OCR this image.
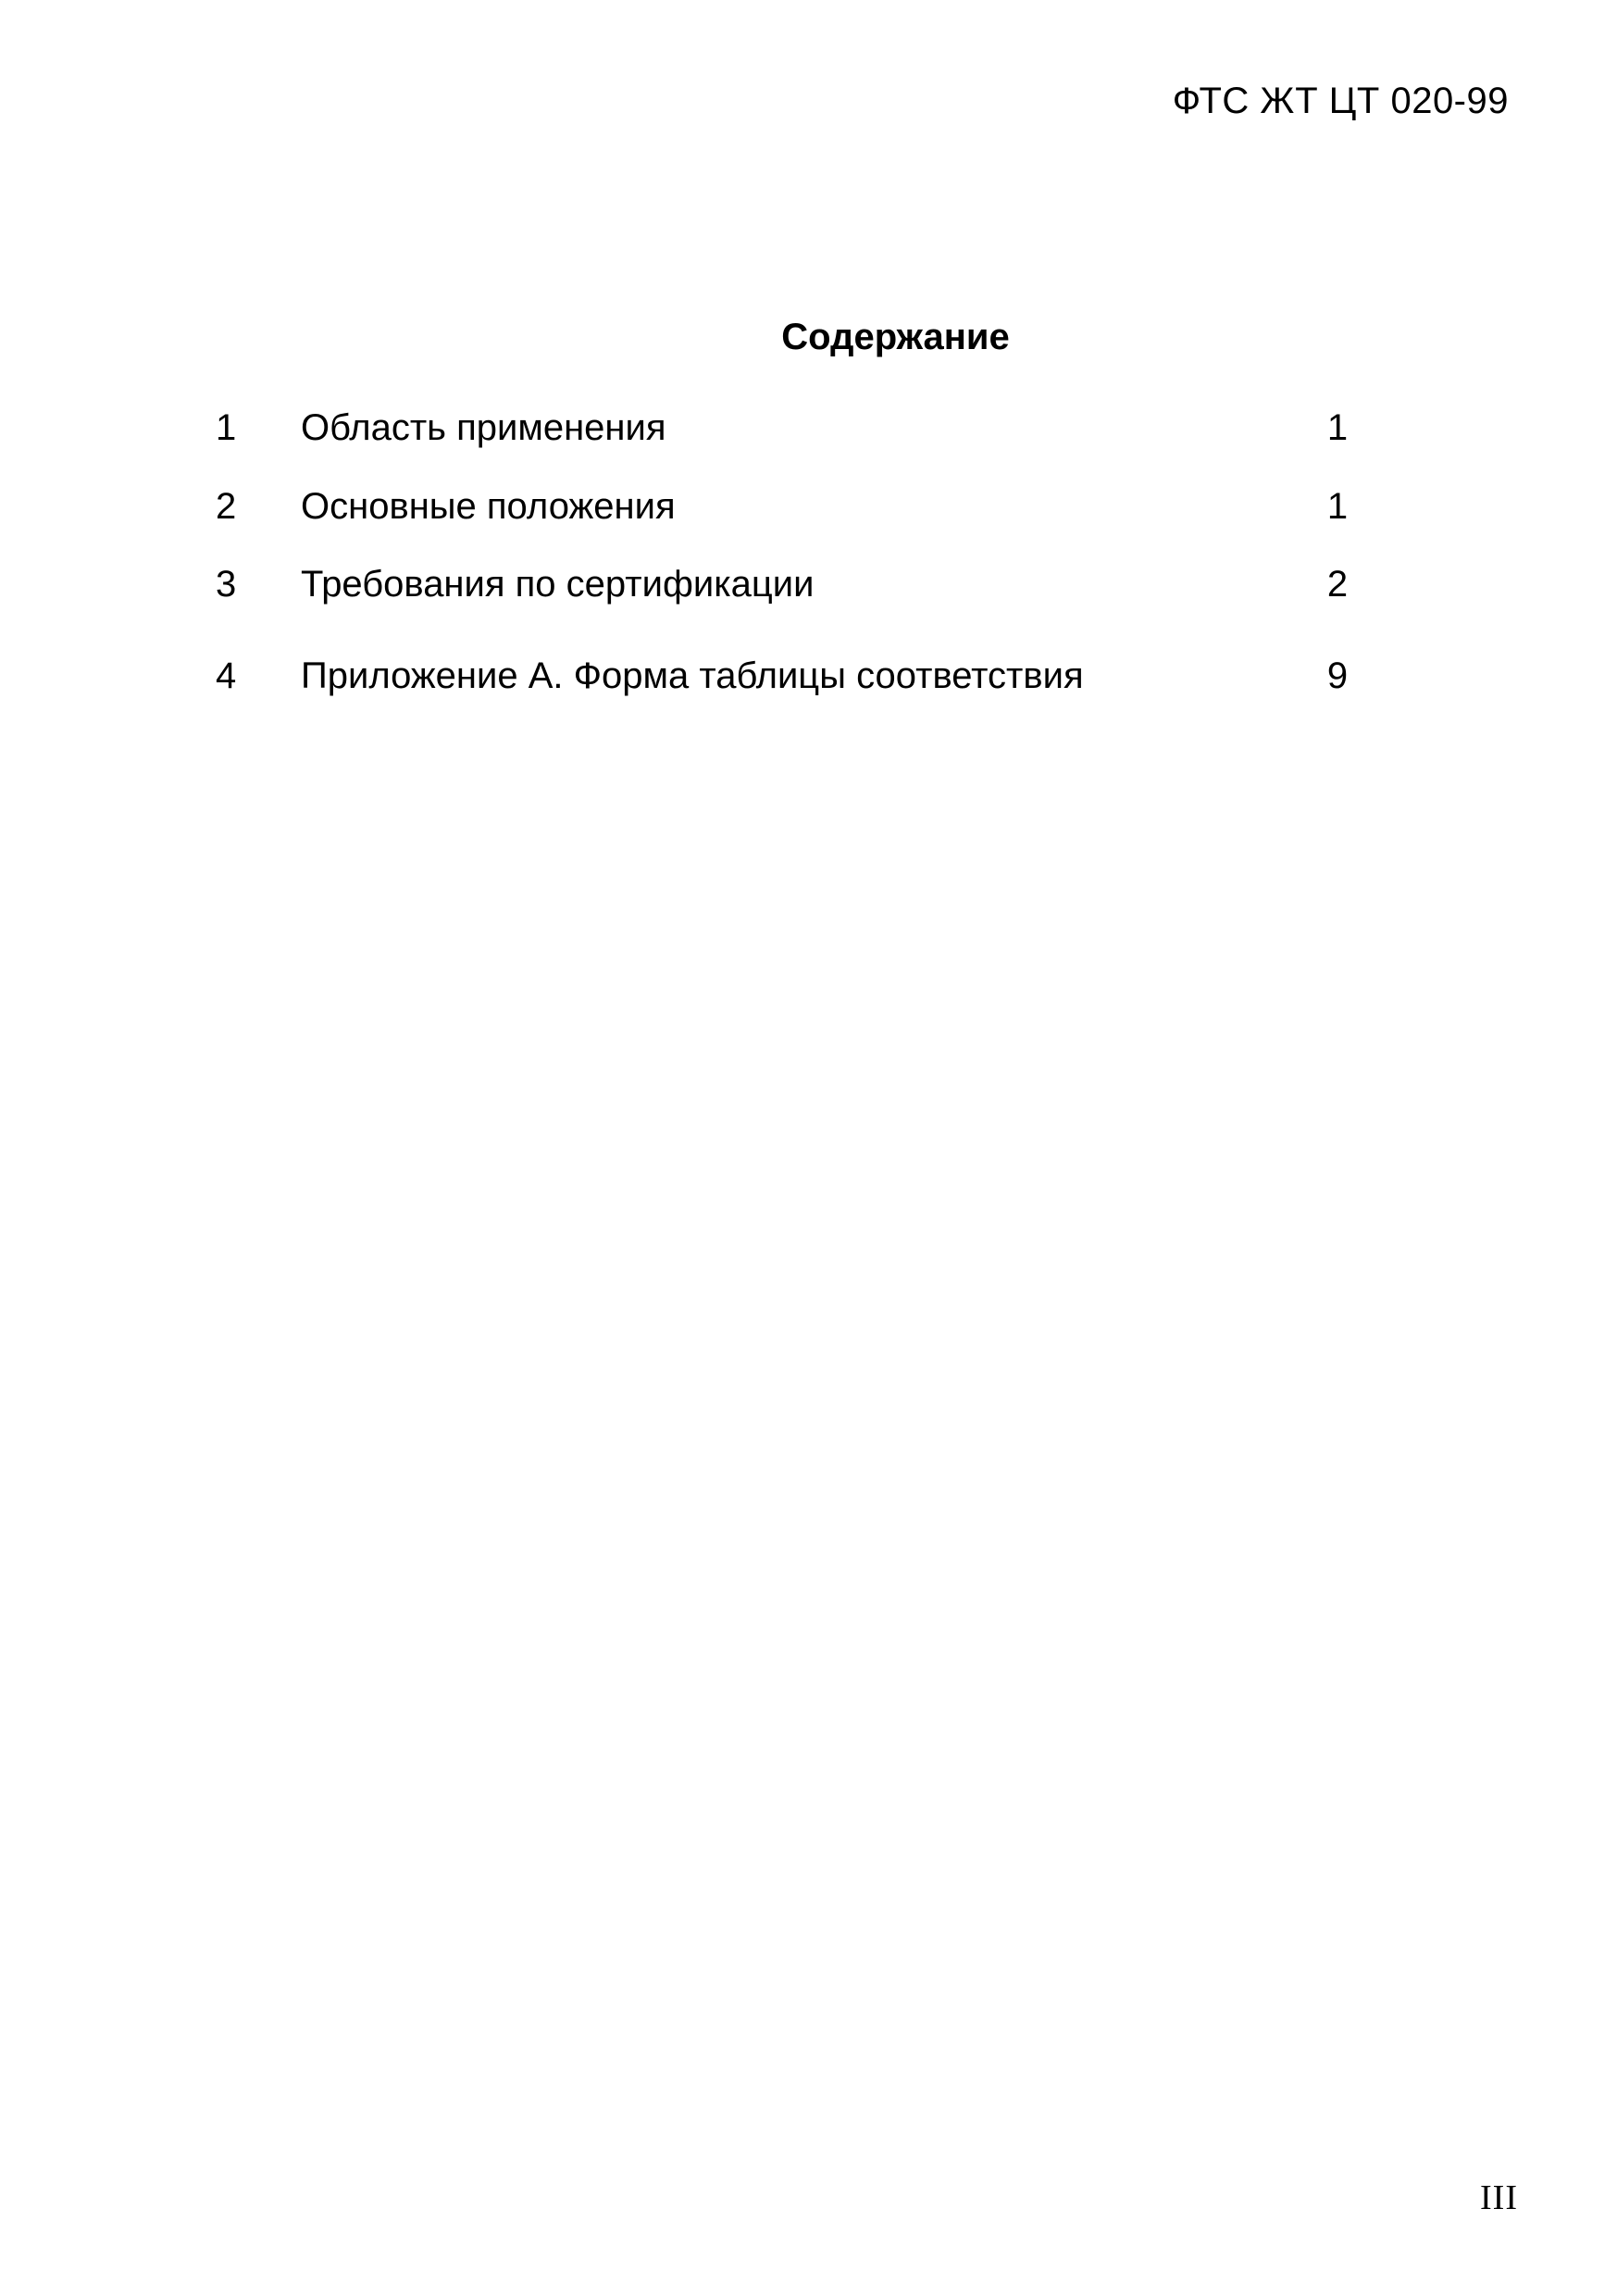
ФТС ЖТ ЦТ 020-99
Содержание
1 Область применения	1
2 Основные положения	1
3 Требования по сертификации	2
4 Приложение А. Форма таблицы соответствия	9
III
